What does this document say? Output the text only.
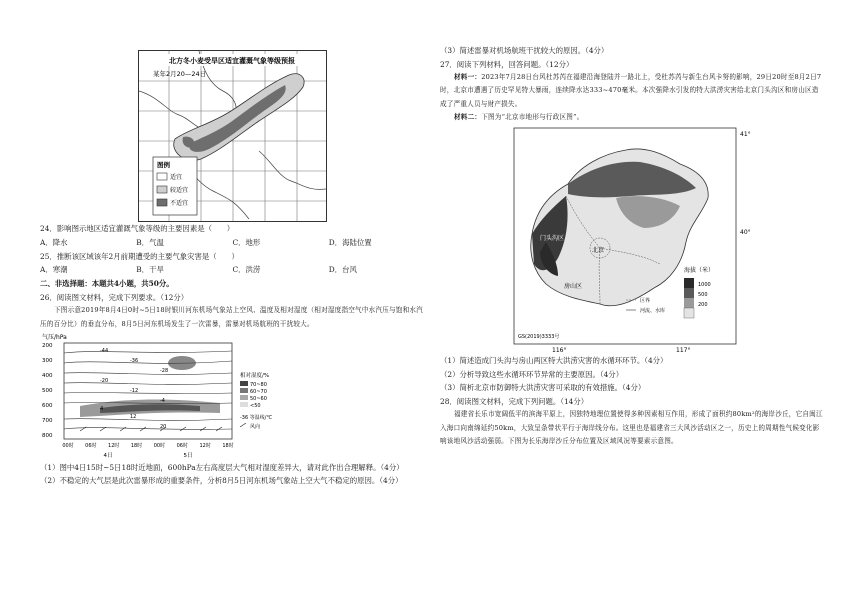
北方冬小麦受旱区适宜灌溉气象等级预报
某年2月20—24日
图例
适宜
较适宜
不适宜

24．影响图示地区适宜灌溉气象等级的主要因素是（　　）

A．降水	B．气温	C．地形	D．海陆位置

25．推断该区域该年2月前期遭受的主要气象灾害是（　　）

A．寒潮	B．干旱	C．洪涝	D．台风

二、非选择题：本题共4小题，共50分。

26．阅读图文材料，完成下列要求。（12分）

下图示意2019年8月4日0时~5日18时银川河东机场气象站上空风、温度及相对湿度（相对湿度指空气中水汽压与饱和水汽压的百分比）的垂直分布，8月5日河东机场发生了一次雷暴，雷暴对机场航班的干扰较大。

气压/hPa
200
300
400
500
600
700
800
00时 06时 12时 18时 00时 06时 12时 18时
4日	5日
-44
-36
-28
-20
-12
-4
4
12
20
相对湿度/%
70~80
60~70
50~60
<50
-36 等温线/℃
风向

（1）图中4日15时~5日18时近地面，600hPa左右高度层大气相对湿度差异大，请对此作出合理解释。（4分）

（2）不稳定的大气层是此次雷暴形成的重要条件，分析8月5日河东机场气象站上空大气不稳定的原因。（4分）

（3）简述雷暴对机场航班干扰较大的原因。（4分）

27．阅读下列材料，回答问题。（12分）

材料一：2023年7月28日台风杜苏芮在福建沿海登陆并一路北上，受杜苏芮与新生台风卡努的影响，29日20时至8月2日7时，北京市遭遇了历史罕见特大暴雨，连续降水达333~470毫米。本次强降水引发的特大洪涝灾害给北京门头沟区和房山区造成了严重人员与财产损失。

材料二：下图为“北京市地形与行政区图”。

41°
40°
116°	117°
门头沟区
北京
房山区
区界
河流、水库
海拔（米）
1000
500
200
GS(2019)3333号

（1）简述造成门头沟与房山两区特大洪涝灾害的水循环环节。（4分）

（2）分析导致这些水循环环节异常的主要原因。（4分）

（3）简析北京市防御特大洪涝灾害可采取的有效措施。（4分）

28．阅读图文材料，完成下列问题。（14分）

福建省长乐市宽阔低平的滨海平原上，因独特地理位置使得多种因素相互作用，形成了面积约80km²的海岸沙丘，它自闽江入海口向南绵延约50km，大致呈条带状平行于海岸线分布。这里也是福建省三大风沙活动区之一，历史上的周期性气候变化影响该地风沙活动强弱。下图为长乐海岸沙丘分布位置及区域风况等要素示意图。
